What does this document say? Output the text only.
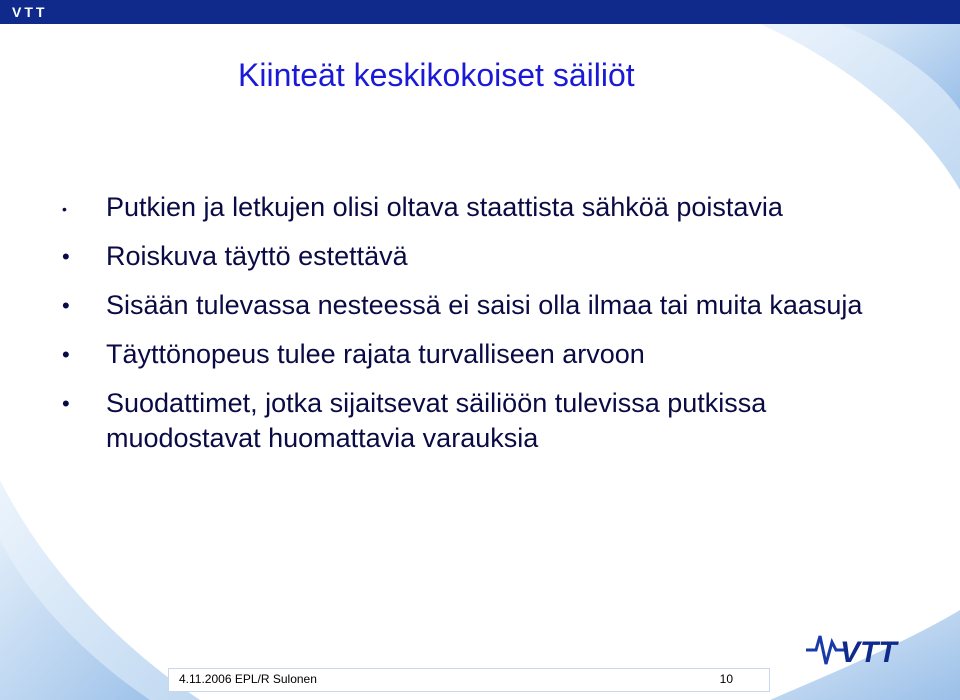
VTT
Kiinteät keskikokoiset säiliöt
• Putkien ja letkujen olisi oltava staattista sähköä poistavia
• Roiskuva täyttö estettävä
• Sisään tulevassa nesteessä ei saisi olla ilmaa tai muita kaasuja
• Täyttönopeus tulee rajata turvalliseen arvoon
• Suodattimet, jotka sijaitsevat säiliöön tulevissa putkissa muodostavat huomattavia varauksia
VTT
4.11.2006 EPL/R Sulonen	10
